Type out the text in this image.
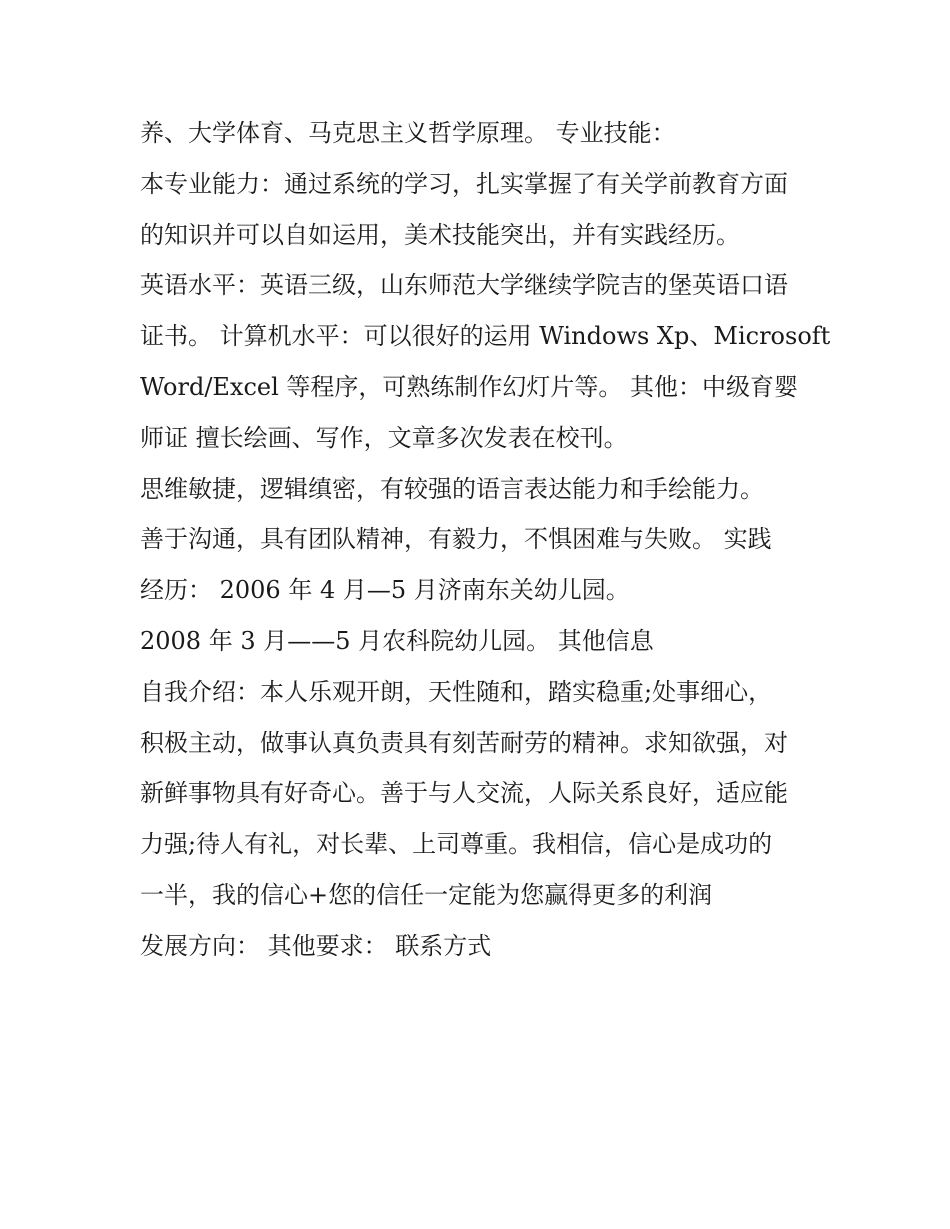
养、大学体育、马克思主义哲学原理。 专业技能：
本专业能力：通过系统的学习，扎实掌握了有关学前教育方面
的知识并可以自如运用，美术技能突出，并有实践经历。
英语水平：英语三级，山东师范大学继续学院吉的堡英语口语
证书。 计算机水平：可以很好的运用 Windows Xp、Microsoft
Word/Excel 等程序，可熟练制作幻灯片等。 其他：中级育婴
师证 擅长绘画、写作，文章多次发表在校刊。
思维敏捷，逻辑缜密，有较强的语言表达能力和手绘能力。
善于沟通，具有团队精神，有毅力，不惧困难与失败。 实践
经历： 2006 年 4 月—5 月济南东关幼儿园。
2008 年 3 月——5 月农科院幼儿园。 其他信息
自我介绍：本人乐观开朗，天性随和，踏实稳重;处事细心，
积极主动，做事认真负责具有刻苦耐劳的精神。求知欲强，对
新鲜事物具有好奇心。善于与人交流，人际关系良好，适应能
力强;待人有礼，对长辈、上司尊重。我相信，信心是成功的
一半，我的信心+您的信任一定能为您赢得更多的利润
发展方向： 其他要求： 联系方式
